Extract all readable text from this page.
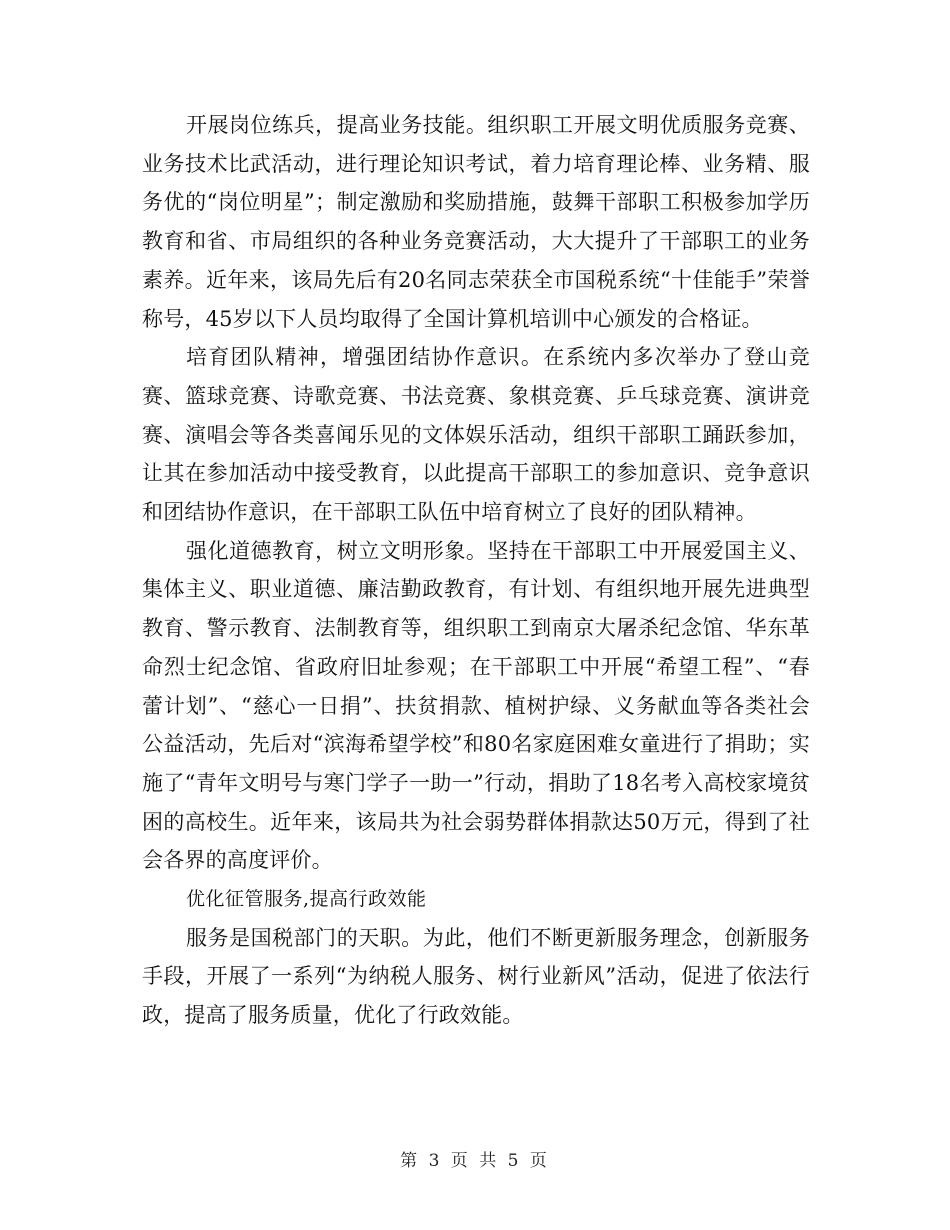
开展岗位练兵，提高业务技能。组织职工开展文明优质服务竞赛、业务技术比武活动，进行理论知识考试，着力培育理论棒、业务精、服务优的“岗位明星”；制定激励和奖励措施，鼓舞干部职工积极参加学历教育和省、市局组织的各种业务竞赛活动，大大提升了干部职工的业务素养。近年来，该局先后有20名同志荣获全市国税系统“十佳能手”荣誉称号，45岁以下人员均取得了全国计算机培训中心颁发的合格证。

培育团队精神，增强团结协作意识。在系统内多次举办了登山竞赛、篮球竞赛、诗歌竞赛、书法竞赛、象棋竞赛、乒乓球竞赛、演讲竞赛、演唱会等各类喜闻乐见的文体娱乐活动，组织干部职工踊跃参加，让其在参加活动中接受教育，以此提高干部职工的参加意识、竞争意识和团结协作意识，在干部职工队伍中培育树立了良好的团队精神。

强化道德教育，树立文明形象。坚持在干部职工中开展爱国主义、集体主义、职业道德、廉洁勤政教育，有计划、有组织地开展先进典型教育、警示教育、法制教育等，组织职工到南京大屠杀纪念馆、华东革命烈士纪念馆、省政府旧址参观；在干部职工中开展“希望工程”、“春蕾计划”、“慈心一日捐”、扶贫捐款、植树护绿、义务献血等各类社会公益活动，先后对“滨海希望学校”和80名家庭困难女童进行了捐助；实施了“青年文明号与寒门学子一助一”行动，捐助了18名考入高校家境贫困的高校生。近年来，该局共为社会弱势群体捐款达50万元，得到了社会各界的高度评价。

优化征管服务,提高行政效能

服务是国税部门的天职。为此，他们不断更新服务理念，创新服务手段，开展了一系列“为纳税人服务、树行业新风”活动，促进了依法行政，提高了服务质量，优化了行政效能。

第 3 页 共 5 页
